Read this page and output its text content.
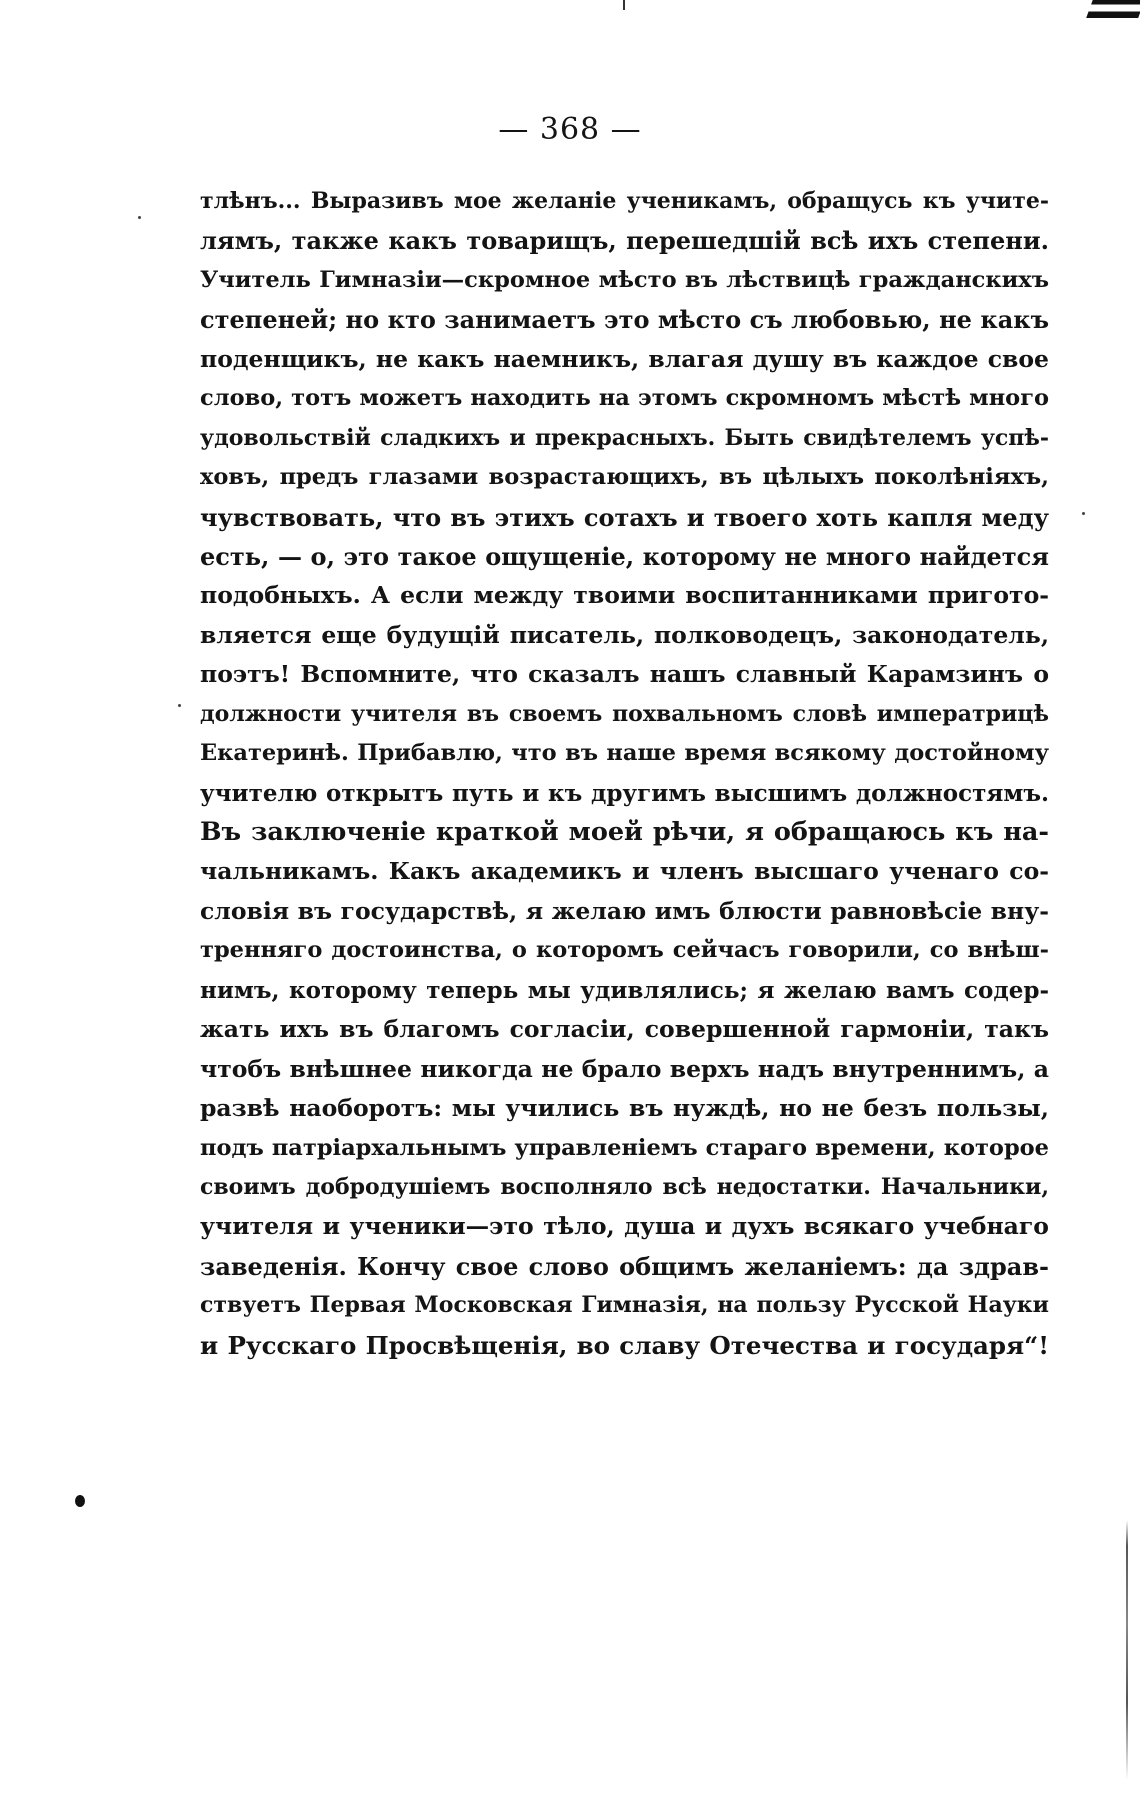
— 368 —
тлѣнъ... Выразивъ мое желаніе ученикамъ, обращусь къ учите-
лямъ, также какъ товарищъ, перешедшій всѣ ихъ степени.
Учитель Гимназіи—скромное мѣсто въ лѣствицѣ гражданскихъ
степеней; но кто занимаетъ это мѣсто съ любовью, не какъ
поденщикъ, не какъ наемникъ, влагая душу въ каждое свое
слово, тотъ можетъ находить на этомъ скромномъ мѣстѣ много
удовольствій сладкихъ и прекрасныхъ. Быть свидѣтелемъ успѣ-
ховъ, предъ глазами возрастающихъ, въ цѣлыхъ поколѣніяхъ,
чувствовать, что въ этихъ сотахъ и твоего хоть капля меду
есть, — о, это такое ощущеніе, которому не много найдется
подобныхъ. А если между твоими воспитанниками пригото-
вляется еще будущій писатель, полководецъ, законодатель,
поэтъ! Вспомните, что сказалъ нашъ славный Карамзинъ о
должности учителя въ своемъ похвальномъ словѣ императрицѣ
Екатеринѣ. Прибавлю, что въ наше время всякому достойному
учителю открытъ путь и къ другимъ высшимъ должностямъ.
Въ заключеніе краткой моей рѣчи, я обращаюсь къ на-
чальникамъ. Какъ академикъ и членъ высшаго ученаго со-
словія въ государствѣ, я желаю имъ блюсти равновѣсіе вну-
тренняго достоинства, о которомъ сейчасъ говорили, со внѣш-
нимъ, которому теперь мы удивлялись; я желаю вамъ содер-
жать ихъ въ благомъ согласіи, совершенной гармоніи, такъ
чтобъ внѣшнее никогда не брало верхъ надъ внутреннимъ, а
развѣ наоборотъ: мы учились въ нуждѣ, но не безъ пользы,
подъ патріархальнымъ управленіемъ стараго времени, которое
своимъ добродушіемъ восполняло всѣ недостатки. Начальники,
учителя и ученики—это тѣло, душа и духъ всякаго учебнаго
заведенія. Кончу свое слово общимъ желаніемъ: да здрав-
ствуетъ Первая Московская Гимназія, на пользу Русской Науки
и Русскаго Просвѣщенія, во славу Отечества и государя“!
